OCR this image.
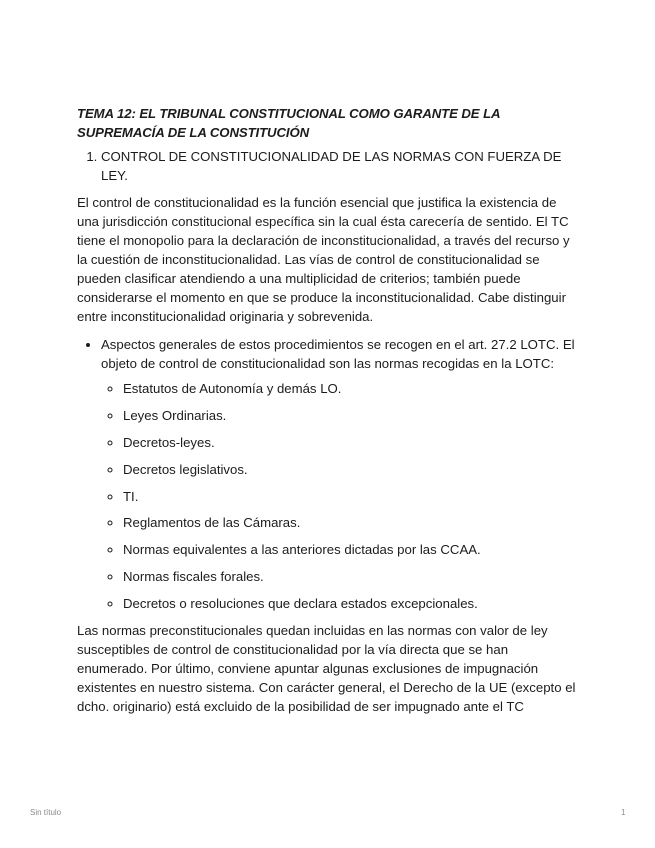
TEMA 12: EL TRIBUNAL CONSTITUCIONAL COMO GARANTE DE LA
SUPREMACÍA DE LA CONSTITUCIÓN
1. CONTROL DE CONSTITUCIONALIDAD DE LAS NORMAS CON FUERZA DE LEY.

El control de constitucionalidad es la función esencial que justifica la existencia de una jurisdicción constitucional específica sin la cual ésta carecería de sentido. El TC tiene el monopolio para la declaración de inconstitucionalidad, a través del recurso y la cuestión de inconstitucionalidad. Las vías de control de constitucionalidad se pueden clasificar atendiendo a una multiplicidad de criterios; también puede considerarse el momento en que se produce la inconstitucionalidad. Cabe distinguir entre inconstitucionalidad originaria y sobrevenida.

• Aspectos generales de estos procedimientos se recogen en el art. 27.2 LOTC. El objeto de control de constitucionalidad son las normas recogidas en la LOTC:
◦ Estatutos de Autonomía y demás LO.
◦ Leyes Ordinarias.
◦ Decretos-leyes.
◦ Decretos legislativos.
◦ TI.
◦ Reglamentos de las Cámaras.
◦ Normas equivalentes a las anteriores dictadas por las CCAA.
◦ Normas fiscales forales.
◦ Decretos o resoluciones que declara estados excepcionales.

Las normas preconstitucionales quedan incluidas en las normas con valor de ley susceptibles de control de constitucionalidad por la vía directa que se han enumerado. Por último, conviene apuntar algunas exclusiones de impugnación existentes en nuestro sistema. Con carácter general, el Derecho de la UE (excepto el dcho. originario) está excluido de la posibilidad de ser impugnado ante el TC

Sin título	1
